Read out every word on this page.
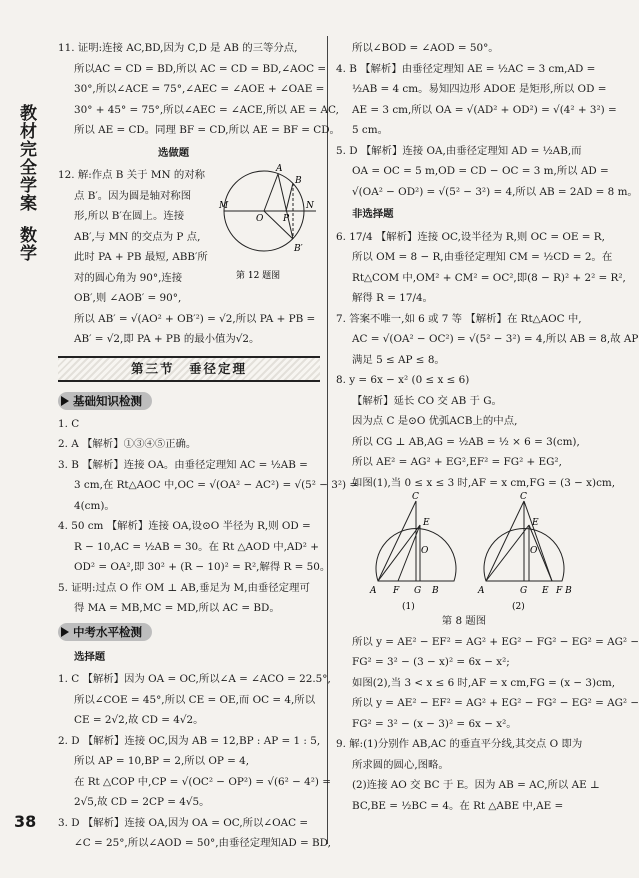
教材完全学案数学
38

11. 证明:连接 AC,BD,因为 C,D 是 AB 的三等分点,

所以AC = CD = BD,所以 AC = CD = BD,∠AOC =

30°,所以∠ACE = 75°,∠AEC = ∠AOE + ∠OAE =

30° + 45° = 75°,所以∠AEC = ∠ACE,所以 AE = AC,

所以 AE = CD。同理 BF = CD,所以 AE = BF = CD。

选做题

12. 解:作点 B 关于 MN 的对称

点 B′。因为圆是轴对称图

形,所以 B′在圆上。连接

AB′,与 MN 的交点为 P 点,

此时 PA + PB 最短, ABB′所

对的圆心角为 90°,连接

OB′,则 ∠AOB′ = 90°,

A
B
O P
N
M
B′
第 12 题图

所以 AB′ = √(AO² + OB′²) = √2,所以 PA + PB =

AB′ = √2,即 PA + PB 的最小值为√2。

第三节　垂径定理
基础知识检测

1. C

2. A 【解析】①③④⑤正确。

3. B 【解析】连接 OA。由垂径定理知 AC = ½AB =

3 cm,在 Rt△AOC 中,OC = √(OA² − AC²) = √(5² − 3²) =

4(cm)。

4. 50 cm 【解析】连接 OA,设⊙O 半径为 R,则 OD =

R − 10,AC = ½AB = 30。在 Rt △AOD 中,AD² +

OD² = OA²,即 30² + (R − 10)² = R²,解得 R = 50。

5. 证明:过点 O 作 OM ⊥ AB,垂足为 M,由垂径定理可

得 MA = MB,MC = MD,所以 AC = BD。

中考水平检测

选择题

1. C 【解析】因为 OA = OC,所以∠A = ∠ACO = 22.5°,

所以∠COE = 45°,所以 CE = OE,而 OC = 4,所以

CE = 2√2,故 CD = 4√2。

2. D 【解析】连接 OC,因为 AB = 12,BP : AP = 1 : 5,

所以 AP = 10,BP = 2,所以 OP = 4,

在 Rt △COP 中,CP = √(OC² − OP²) = √(6² − 4²) =

2√5,故 CD = 2CP = 4√5。

3. D 【解析】连接 OA,因为 OA = OC,所以∠OAC =

∠C = 25°,所以∠AOD = 50°,由垂径定理知AD = BD,

所以∠BOD = ∠AOD = 50°。

4. B 【解析】由垂径定理知 AE = ½AC = 3 cm,AD =

½AB = 4 cm。易知四边形 ADOE 是矩形,所以 OD =

AE = 3 cm,所以 OA = √(AD² + OD²) = √(4² + 3²) =

5 cm。

5. D 【解析】连接 OA,由垂径定理知 AD = ½AB,而

OA = OC = 5 m,OD = CD − OC = 3 m,所以 AD =

√(OA² − OD²) = √(5² − 3²) = 4,所以 AB = 2AD = 8 m。

非选择题

6. 17/4 【解析】连接 OC,设半径为 R,则 OC = OE = R,

所以 OM = 8 − R,由垂径定理知 CM = ½CD = 2。在

Rt△COM 中,OM² + CM² = OC²,即(8 − R)² + 2² = R²,

解得 R = 17/4。

7. 答案不唯一,如 6 或 7 等 【解析】在 Rt△AOC 中,

AC = √(OA² − OC²) = √(5² − 3²) = 4,所以 AB = 8,故 AP

满足 5 ≤ AP ≤ 8。

8. y = 6x − x² (0 ≤ x ≤ 6)

【解析】延长 CO 交 AB 于 G。

因为点 C 是⊙O 优弧ACB上的中点,

所以 CG ⊥ AB,AG = ½AB = ½ × 6 = 3(cm),

所以 AE² = AG² + EG²,EF² = FG² + EG²,

如图(1),当 0 ≤ x ≤ 3 时,AF = x cm,FG = (3 − x)cm,

C
E
O
A F G B
(1)
C
E
O
A	G E F B
(2)

第 8 题图

所以 y = AE² − EF² = AG² + EG² − FG² − EG² = AG² −

FG² = 3² − (3 − x)² = 6x − x²;

如图(2),当 3 < x ≤ 6 时,AF = x cm,FG = (x − 3)cm,

所以 y = AE² − EF² = AG² + EG² − FG² − EG² = AG² −

FG² = 3² − (x − 3)² = 6x − x²。

9. 解:(1)分别作 AB,AC 的垂直平分线,其交点 O 即为

所求圆的圆心,图略。

(2)连接 AO 交 BC 于 E。因为 AB = AC,所以 AE ⊥

BC,BE = ½BC = 4。在 Rt △ABE 中,AE =
